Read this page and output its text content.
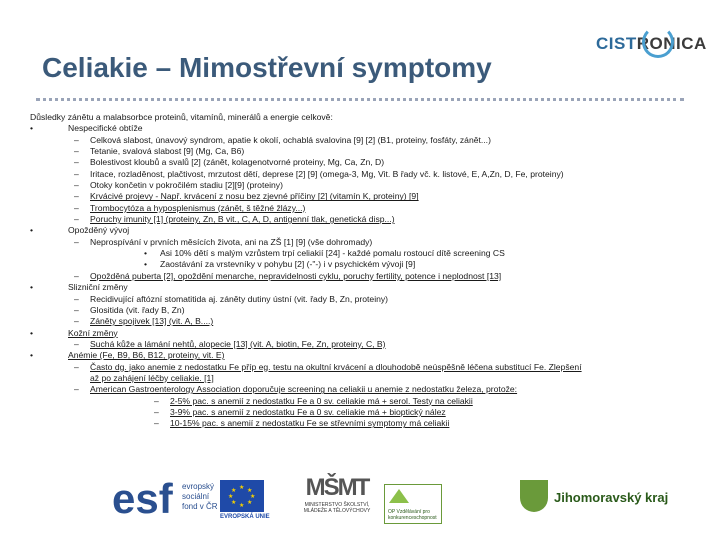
Celiakie – Mimostřevní symptomy
CISTRONICA
Důsledky zánětu a malabsorbce proteinů, vitamínů, minerálů a energie celkově:
•	Nespecifické obtíže
– Celková slabost, únavový syndrom, apatie k okolí, ochablá svalovina [9] [2] (B1, proteiny, fosfáty, zánět...)
– Tetanie, svalová slabost [9] (Mg, Ca, B6)
– Bolestivost kloubů a svalů [2] (zánět, kolagenotvorné proteiny, Mg, Ca, Zn, D)
– Iritace, rozladěnost, plačtivost, mrzutost dětí, deprese [2] [9] (omega-3, Mg, Vit. B řady vč. k. listové, E, A,Zn, D, Fe, proteiny)
– Otoky končetin v pokročilém stadiu [2][9] (proteiny)
– Krvácivé projevy - Např. krvácení z nosu bez zjevné příčiny [2] (vitamín K, proteiny) [9]
– Trombocytóza a hyposplenismus (zánět, š těžné žlázy...)
– Poruchy imunity [1] (proteiny, Zn, B vit., C, A, D, antigenní tlak, genetická disp...)
•	Opožděný vývoj
– Neprospívání v prvních měsících života, ani na ZŠ [1] [9] (vše dohromady)
• Asi 10% dětí s malým vzrůstem trpí celiakií [24] - každé pomalu rostoucí dítě screening CS
• Zaostávání za vrstevníky v pohybu [2] (-"-) i v psychickém vývoji [9]
– Opožděná puberta [2], opoždění menarche, nepravidelnosti cyklu, poruchy fertility, potence i neplodnost [13]
•	Slizniční změny
– Recidivující aftózní stomatitida aj. záněty dutiny ústní (vit. řady B, Zn, proteiny)
– Glositida (vit. řady B, Zn)
– Záněty spojivek [13] (vit. A, B....)
•	Kožní změny
– Suchá kůže a lámání nehtů, alopecie [13] (vit. A, biotin, Fe, Zn, proteiny, C, B)
•	Anémie (Fe, B9, B6, B12, proteiny, vit. E)
– Často dg. jako anemie z nedostatku Fe příp eg. testu na okultní krvácení a dlouhodobě neúspěšně léčena substitucí Fe. Zlepšení
až po zahájení léčby celiakie. [1]
– American Gastroenterology Association doporučuje screening na celiakii u anemie z nedostatku železa, protože:
– 2-5% pac. s anemií z nedostatku Fe a 0 sv. celiakie má + serol. Testy na celiakii
– 3-9% pac. s anemií z nedostatku Fe a 0 sv. celiakie má + bioptický nález
– 10-15% pac. s anemií z nedostatku Fe se střevními symptomy má celiakii
esf evropský
sociální
fond v ČR
★ ★
★
★
★
★
★
★
EVROPSKÁ UNIE
MŠMT
MINISTERSTVO ŠKOLSTVÍ, MLÁDEŽE A TĚLOVÝCHOVY	OP Vzdělávání pro konkurenceschopnost
Jihomoravský kraj
